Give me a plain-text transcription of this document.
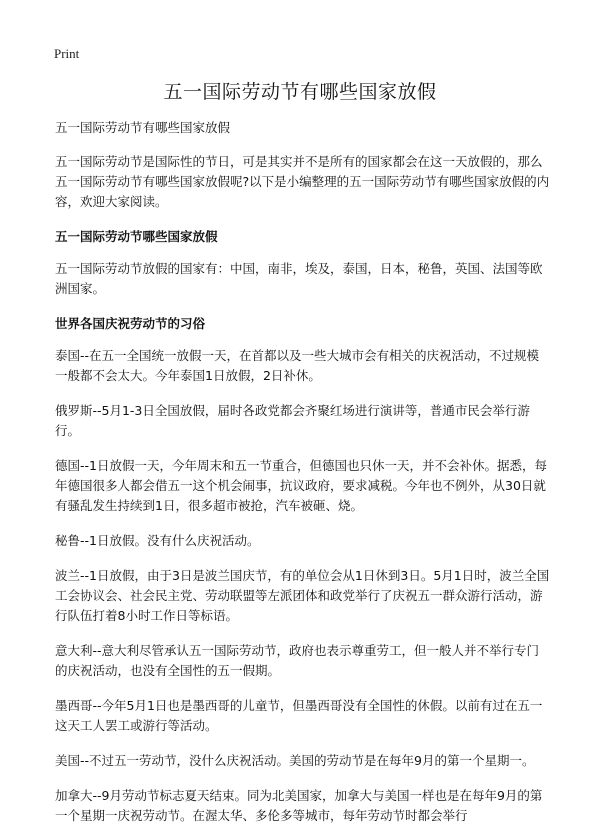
Print
五一国际劳动节有哪些国家放假

五一国际劳动节有哪些国家放假

五一国际劳动节是国际性的节日，可是其实并不是所有的国家都会在这一天放假的，那么五一国际劳动节有哪些国家放假呢?以下是小编整理的五一国际劳动节有哪些国家放假的内容，欢迎大家阅读。

五一国际劳动节哪些国家放假

五一国际劳动节放假的国家有：中国，南非，埃及，泰国，日本，秘鲁，英国、法国等欧洲国家。

世界各国庆祝劳动节的习俗

泰国--在五一全国统一放假一天，在首都以及一些大城市会有相关的庆祝活动，不过规模一般都不会太大。今年泰国1日放假，2日补休。

俄罗斯--5月1-3日全国放假，届时各政党都会齐聚红场进行演讲等，普通市民会举行游行。

德国--1日放假一天，今年周末和五一节重合，但德国也只休一天，并不会补休。据悉，每年德国很多人都会借五一这个机会闹事，抗议政府，要求减税。今年也不例外，从30日就有骚乱发生持续到1日，很多超市被抢，汽车被砸、烧。

秘鲁--1日放假。没有什么庆祝活动。

波兰--1日放假，由于3日是波兰国庆节，有的单位会从1日休到3日。5月1日时，波兰全国工会协议会、社会民主党、劳动联盟等左派团体和政党举行了庆祝五一群众游行活动，游行队伍打着8小时工作日等标语。

意大利--意大利尽管承认五一国际劳动节，政府也表示尊重劳工，但一般人并不举行专门的庆祝活动，也没有全国性的五一假期。

墨西哥--今年5月1日也是墨西哥的儿童节，但墨西哥没有全国性的休假。以前有过在五一这天工人罢工或游行等活动。

美国--不过五一劳动节，没什么庆祝活动。美国的劳动节是在每年9月的第一个星期一。

加拿大--9月劳动节标志夏天结束。同为北美国家，加拿大与美国一样也是在每年9月的第一个星期一庆祝劳动节。在渥太华、多伦多等城市，每年劳动节时都会举行
